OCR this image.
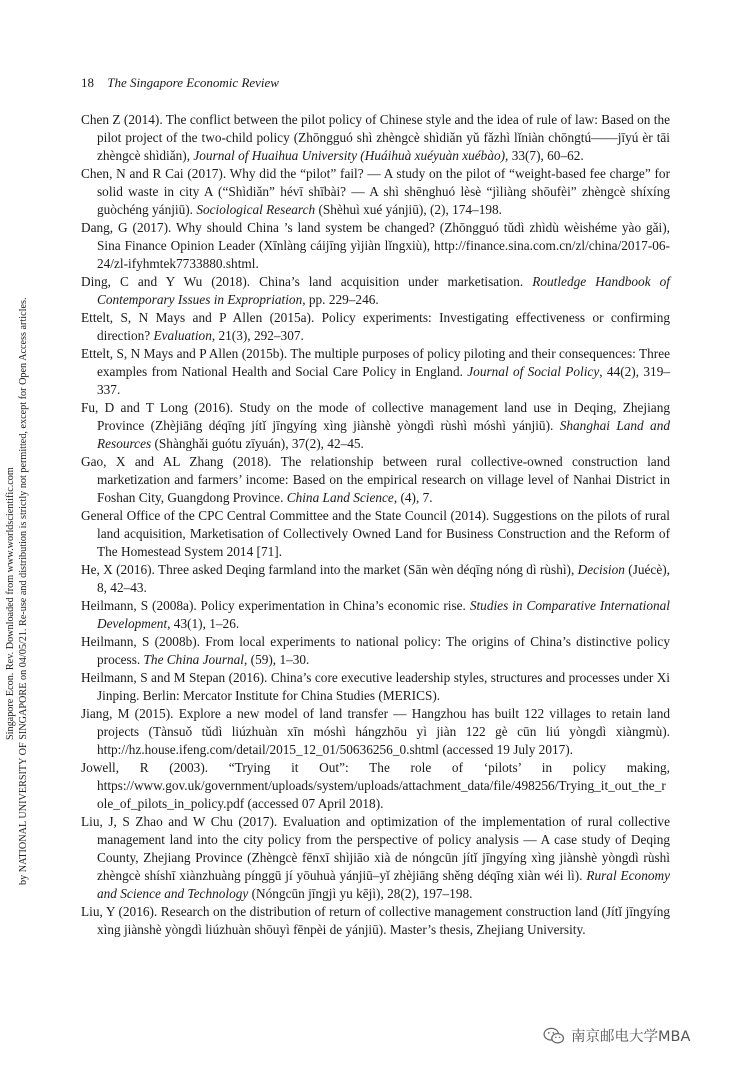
18 The Singapore Economic Review
Singapore Econ. Rev. Downloaded from www.worldscientific.com by NATIONAL UNIVERSITY OF SINGAPORE on 04/05/21. Re-use and distribution is strictly not permitted, except for Open Access articles.

Chen Z (2014). The conflict between the pilot policy of Chinese style and the idea of rule of law: Based on the pilot project of the two-child policy (Zhōngguó shì zhèngcè shìdiǎn yǔ fǎzhì lǐniàn chōngtú——jīyú èr tāi zhèngcè shìdiǎn), Journal of Huaihua University (Huáihuà xuéyuàn xuébào), 33(7), 60–62.

Chen, N and R Cai (2017). Why did the “pilot” fail? — A study on the pilot of “weight-based fee charge” for solid waste in city A (“Shìdiǎn” hévī shībài? — A shì shēnghuó lèsè “jìliàng shōufèi” zhèngcè shíxíng guòchéng yánjiū). Sociological Research (Shèhuì xué yánjiū), (2), 174–198.

Dang, G (2017). Why should China ’s land system be changed? (Zhōngguó tǔdì zhìdù wèishéme yào gǎi), Sina Finance Opinion Leader (Xīnlàng cáijīng yìjiàn lǐngxiù), http://finance.sina.com.cn/zl/china/2017-06-24/zl-ifyhmtek7733880.shtml.

Ding, C and Y Wu (2018). China’s land acquisition under marketisation. Routledge Handbook of Contemporary Issues in Expropriation, pp. 229–246.

Ettelt, S, N Mays and P Allen (2015a). Policy experiments: Investigating effectiveness or confirming direction? Evaluation, 21(3), 292–307.

Ettelt, S, N Mays and P Allen (2015b). The multiple purposes of policy piloting and their consequences: Three examples from National Health and Social Care Policy in England. Journal of Social Policy, 44(2), 319–337.

Fu, D and T Long (2016). Study on the mode of collective management land use in Deqing, Zhejiang Province (Zhèjiāng déqīng jítǐ jīngyíng xìng jiànshè yòngdì rùshì móshì yánjiū). Shanghai Land and Resources (Shànghǎi guótu zīyuán), 37(2), 42–45.

Gao, X and AL Zhang (2018). The relationship between rural collective-owned construction land marketization and farmers’ income: Based on the empirical research on village level of Nanhai District in Foshan City, Guangdong Province. China Land Science, (4), 7.

General Office of the CPC Central Committee and the State Council (2014). Suggestions on the pilots of rural land acquisition, Marketisation of Collectively Owned Land for Business Construction and the Reform of The Homestead System 2014 [71].

He, X (2016). Three asked Deqing farmland into the market (Sān wèn déqīng nóng dì rùshì), Decision (Juécè), 8, 42–43.

Heilmann, S (2008a). Policy experimentation in China’s economic rise. Studies in Comparative International Development, 43(1), 1–26.

Heilmann, S (2008b). From local experiments to national policy: The origins of China’s distinctive policy process. The China Journal, (59), 1–30.

Heilmann, S and M Stepan (2016). China’s core executive leadership styles, structures and processes under Xi Jinping. Berlin: Mercator Institute for China Studies (MERICS).

Jiang, M (2015). Explore a new model of land transfer — Hangzhou has built 122 villages to retain land projects (Tànsuǒ tǔdì liúzhuàn xīn móshì hángzhōu yì jiàn 122 gè cūn liú yòngdì xiàngmù). http://hz.house.ifeng.com/detail/2015_12_01/50636256_0.shtml (accessed 19 July 2017).

Jowell, R (2003). “Trying it Out”: The role of ‘pilots’ in policy making, https://www.gov.uk/government/uploads/system/uploads/attachment_data/file/498256/Trying_it_out_the_role_of_pilots_in_policy.pdf (accessed 07 April 2018).

Liu, J, S Zhao and W Chu (2017). Evaluation and optimization of the implementation of rural collective management land into the city policy from the perspective of policy analysis — A case study of Deqing County, Zhejiang Province (Zhèngcè fēnxī shìjiāo xià de nóngcūn jítǐ jīngyíng xìng jiànshè yòngdì rùshì zhèngcè shíshī xiànzhuàng pínggū jí yōuhuà yánjiū–yǐ zhèjiāng shěng déqīng xiàn wéi lì). Rural Economy and Science and Technology (Nóngcūn jīngjì yu kējì), 28(2), 197–198.

Liu, Y (2016). Research on the distribution of return of collective management construction land (Jítǐ jīngyíng xìng jiànshè yòngdì liúzhuàn shōuyì fēnpèi de yánjiū). Master’s thesis, Zhejiang University.

南京邮电大学MBA
